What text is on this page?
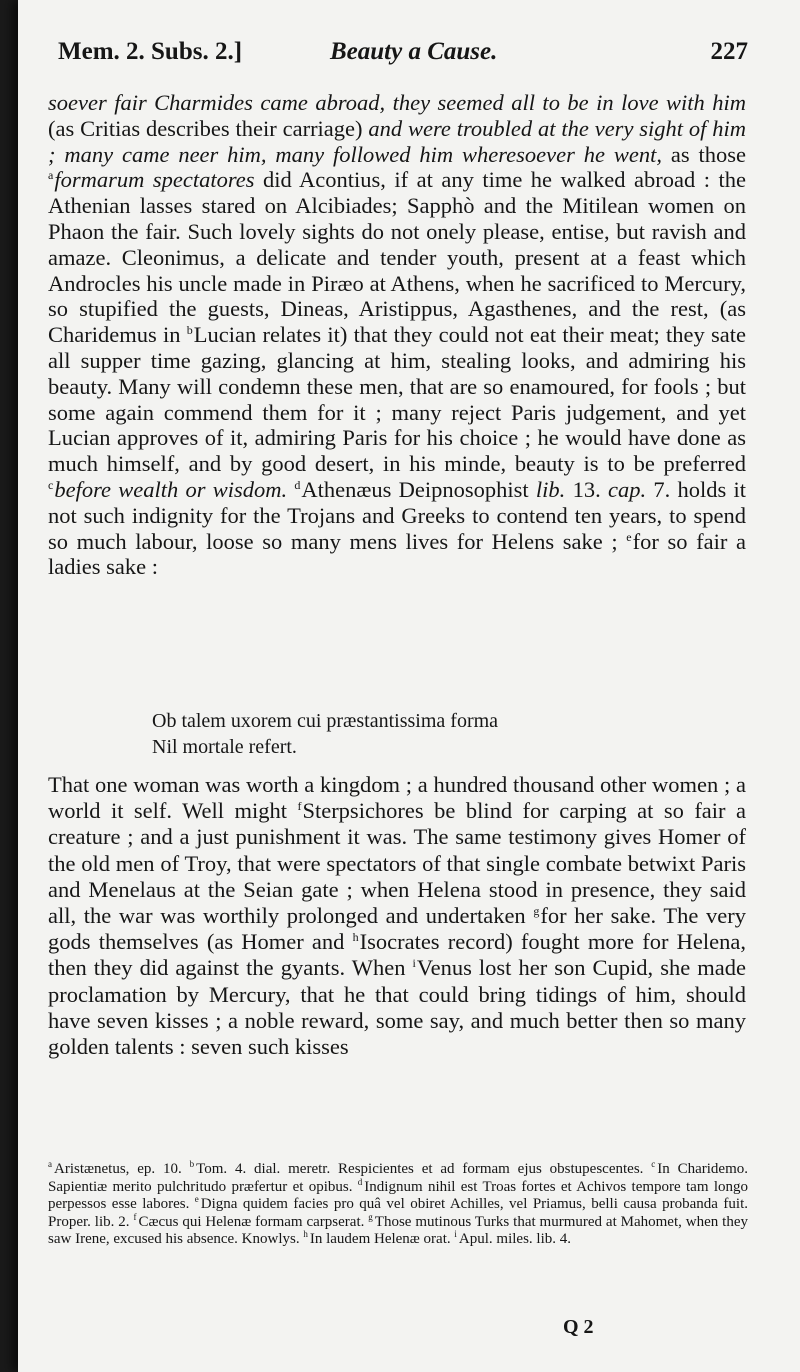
Mem. 2. Subs. 2.]	Beauty a Cause.	227

soever fair Charmides came abroad, they seemed all to be in love with him (as Critias describes their carriage) and were troubled at the very sight of him ; many came neer him, many followed him wheresoever he went, as those $^a$formarum spectatores did Acontius, if at any time he walked abroad : the Athenian lasses stared on Alcibiades; Sapphò and the Mitilean women on Phaon the fair. Such lovely sights do not onely please, entise, but ravish and amaze. Cleonimus, a delicate and tender youth, present at a feast which Androcles his uncle made in Piræo at Athens, when he sacrificed to Mercury, so stupified the guests, Dineas, Aristippus, Agasthenes, and the rest, (as Charidemus in $^b$Lucian relates it) that they could not eat their meat; they sate all supper time gazing, glancing at him, stealing looks, and admiring his beauty. Many will condemn these men, that are so enamoured, for fools ; but some again commend them for it ; many reject Paris judgement, and yet Lucian approves of it, admiring Paris for his choice ; he would have done as much himself, and by good desert, in his minde, beauty is to be preferred $^c$before wealth or wisdom. $^d$Athenæus Deipnosophist lib. 13. cap. 7. holds it not such indignity for the Trojans and Greeks to contend ten years, to spend so much labour, loose so many mens lives for Helens sake ; $^e$for so fair a ladies sake :

Ob talem uxorem cui præstantissima forma
Nil mortale refert.

That one woman was worth a kingdom ; a hundred thousand other women ; a world it self. Well might $^f$Sterpsichores be blind for carping at so fair a creature ; and a just punishment it was. The same testimony gives Homer of the old men of Troy, that were spectators of that single combate betwixt Paris and Menelaus at the Seian gate ; when Helena stood in presence, they said all, the war was worthily prolonged and undertaken $^g$for her sake. The very gods themselves (as Homer and $^h$Isocrates record) fought more for Helena, then they did against the gyants. When $^i$Venus lost her son Cupid, she made proclamation by Mercury, that he that could bring tidings of him, should have seven kisses ; a noble reward, some say, and much better then so many golden talents : seven such kisses

$^a$ Aristænetus, ep. 10. $^b$ Tom. 4. dial. meretr. Respicientes et ad formam ejus obstupescentes. $^c$ In Charidemo. Sapientiæ merito pulchritudo præfertur et opibus. $^d$ Indignum nihil est Troas fortes et Achivos tempore tam longo perpessos esse labores. $^e$ Digna quidem facies pro quâ vel obiret Achilles, vel Priamus, belli causa probanda fuit. Proper. lib. 2. $^f$ Cæcus qui Helenæ formam carpserat. $^g$ Those mutinous Turks that murmured at Mahomet, when they saw Irene, excused his absence. Knowlys. $^h$ In laudem Helenæ orat. $^i$ Apul. miles. lib. 4.

Q 2
